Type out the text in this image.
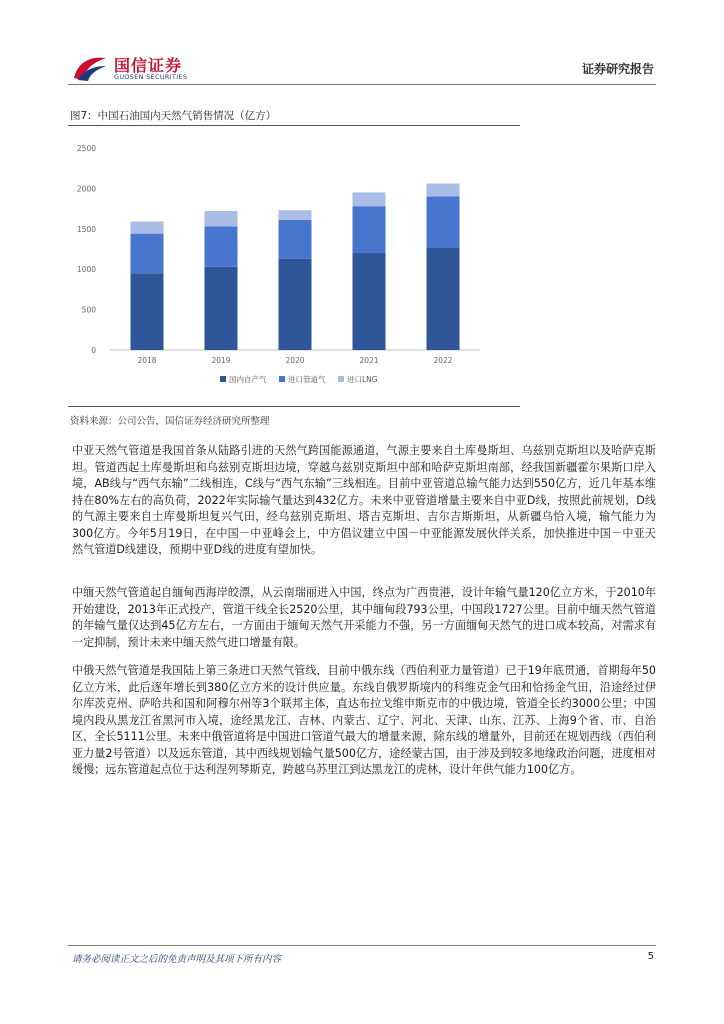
国信证券
GUOSEN SECURITIES
证券研究报告
图7：中国石油国内天然气销售情况（亿方）
0
500
1000
1500
2000
2500
2018	2019	2020	2021	2022
国内自产气	进口管道气	进口LNG
资料来源：公司公告，国信证券经济研究所整理

中亚天然气管道是我国首条从陆路引进的天然气跨国能源通道，气源主要来自土库曼斯坦、乌兹别克斯坦以及哈萨克斯坦。管道西起土库曼斯坦和乌兹别克斯坦边境，穿越乌兹别克斯坦中部和哈萨克斯坦南部，经我国新疆霍尔果斯口岸入境，AB线与“西气东输”二线相连，C线与“西气东输”三线相连。目前中亚管道总输气能力达到550亿方，近几年基本维持在80%左右的高负荷，2022年实际输气量达到432亿方。未来中亚管道增量主要来自中亚D线，按照此前规划，D线的气源主要来自土库曼斯坦复兴气田，经乌兹别克斯坦、塔吉克斯坦、吉尔吉斯斯坦，从新疆乌恰入境，输气能力为300亿方。今年5月19日，在中国－中亚峰会上，中方倡议建立中国－中亚能源发展伙伴关系，加快推进中国－中亚天然气管道D线建设，预期中亚D线的进度有望加快。

中缅天然气管道起自缅甸西海岸皎漂，从云南瑞丽进入中国，终点为广西贵港，设计年输气量120亿立方米，于2010年开始建设，2013年正式投产，管道干线全长2520公里，其中缅甸段793公里，中国段1727公里。目前中缅天然气管道的年输气量仅达到45亿方左右，一方面由于缅甸天然气开采能力不强，另一方面缅甸天然气的进口成本较高，对需求有一定抑制，预计未来中缅天然气进口增量有限。

中俄天然气管道是我国陆上第三条进口天然气管线，目前中俄东线（西伯利亚力量管道）已于19年底贯通，首期每年50亿立方米，此后逐年增长到380亿立方米的设计供应量。东线自俄罗斯境内的科维克金气田和恰扬金气田，沿途经过伊尔库茨克州、萨哈共和国和阿穆尔州等3个联邦主体，直达布拉戈维申斯克市的中俄边境，管道全长约3000公里；中国境内段从黑龙江省黑河市入境，途经黑龙江、吉林、内蒙古、辽宁、河北、天津、山东、江苏、上海9个省、市、自治区，全长5111公里。未来中俄管道将是中国进口管道气最大的增量来源，除东线的增量外，目前还在规划西线（西伯利亚力量2号管道）以及远东管道，其中西线规划输气量500亿方，途经蒙古国，由于涉及到较多地缘政治问题，进度相对缓慢；远东管道起点位于达利涅列琴斯克，跨越乌苏里江到达黑龙江的虎林，设计年供气能力100亿方。

请务必阅读正文之后的免责声明及其项下所有内容	5
